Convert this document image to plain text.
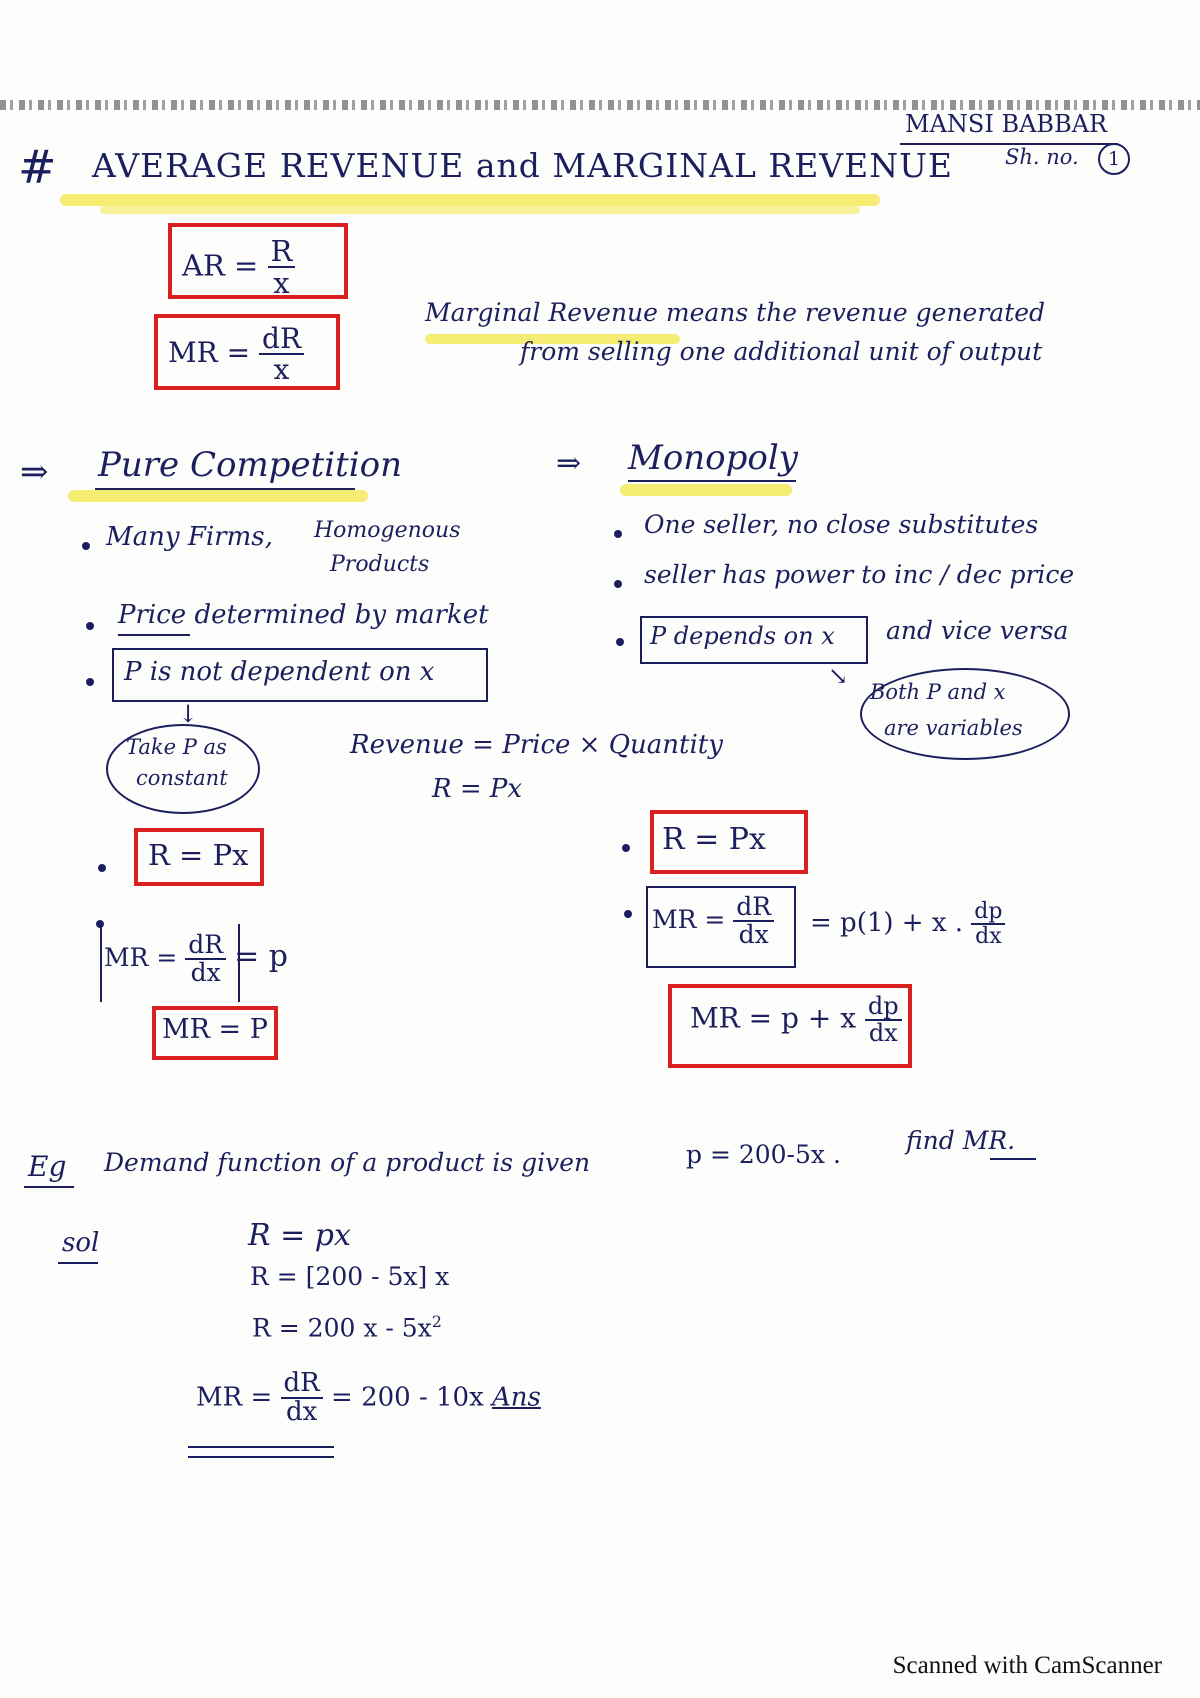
# AVERAGE REVENUE and MARGINAL REVENUE
MANSI BABBAR
Sh. no.	1
AR = $\frac{R}{x}$
MR = $\frac{dR}{x}$
Marginal Revenue means the revenue generated
from selling one additional unit of output
⇒ Pure Competition
Many Firms, Homogenous
Products
Price determined by market
P is not dependent on x
↓
Take P as
constant
R = Px
MR = $\frac{dR}{dx} = p$
MR = P
Revenue = Price × Quantity
R = Px
⇒ Monopoly
One seller, no close substitutes
seller has power to inc / dec price
P depends on x and vice versa
↘
Both P and x
are variables
R = Px
MR = $\frac{dR}{dx} = p(1) + x$ . $\frac{dp}{dx}$
MR = p + x $\frac{dp}{dx}$
Eg Demand function of a product is given	p = 200-5x .	find MR.
sol	R = px
R = [200 - 5x] x
R = 200 x - $5x^2$
MR = $\frac{dR}{dx} = 200 - 10x$ Ans
Scanned with CamScanner
